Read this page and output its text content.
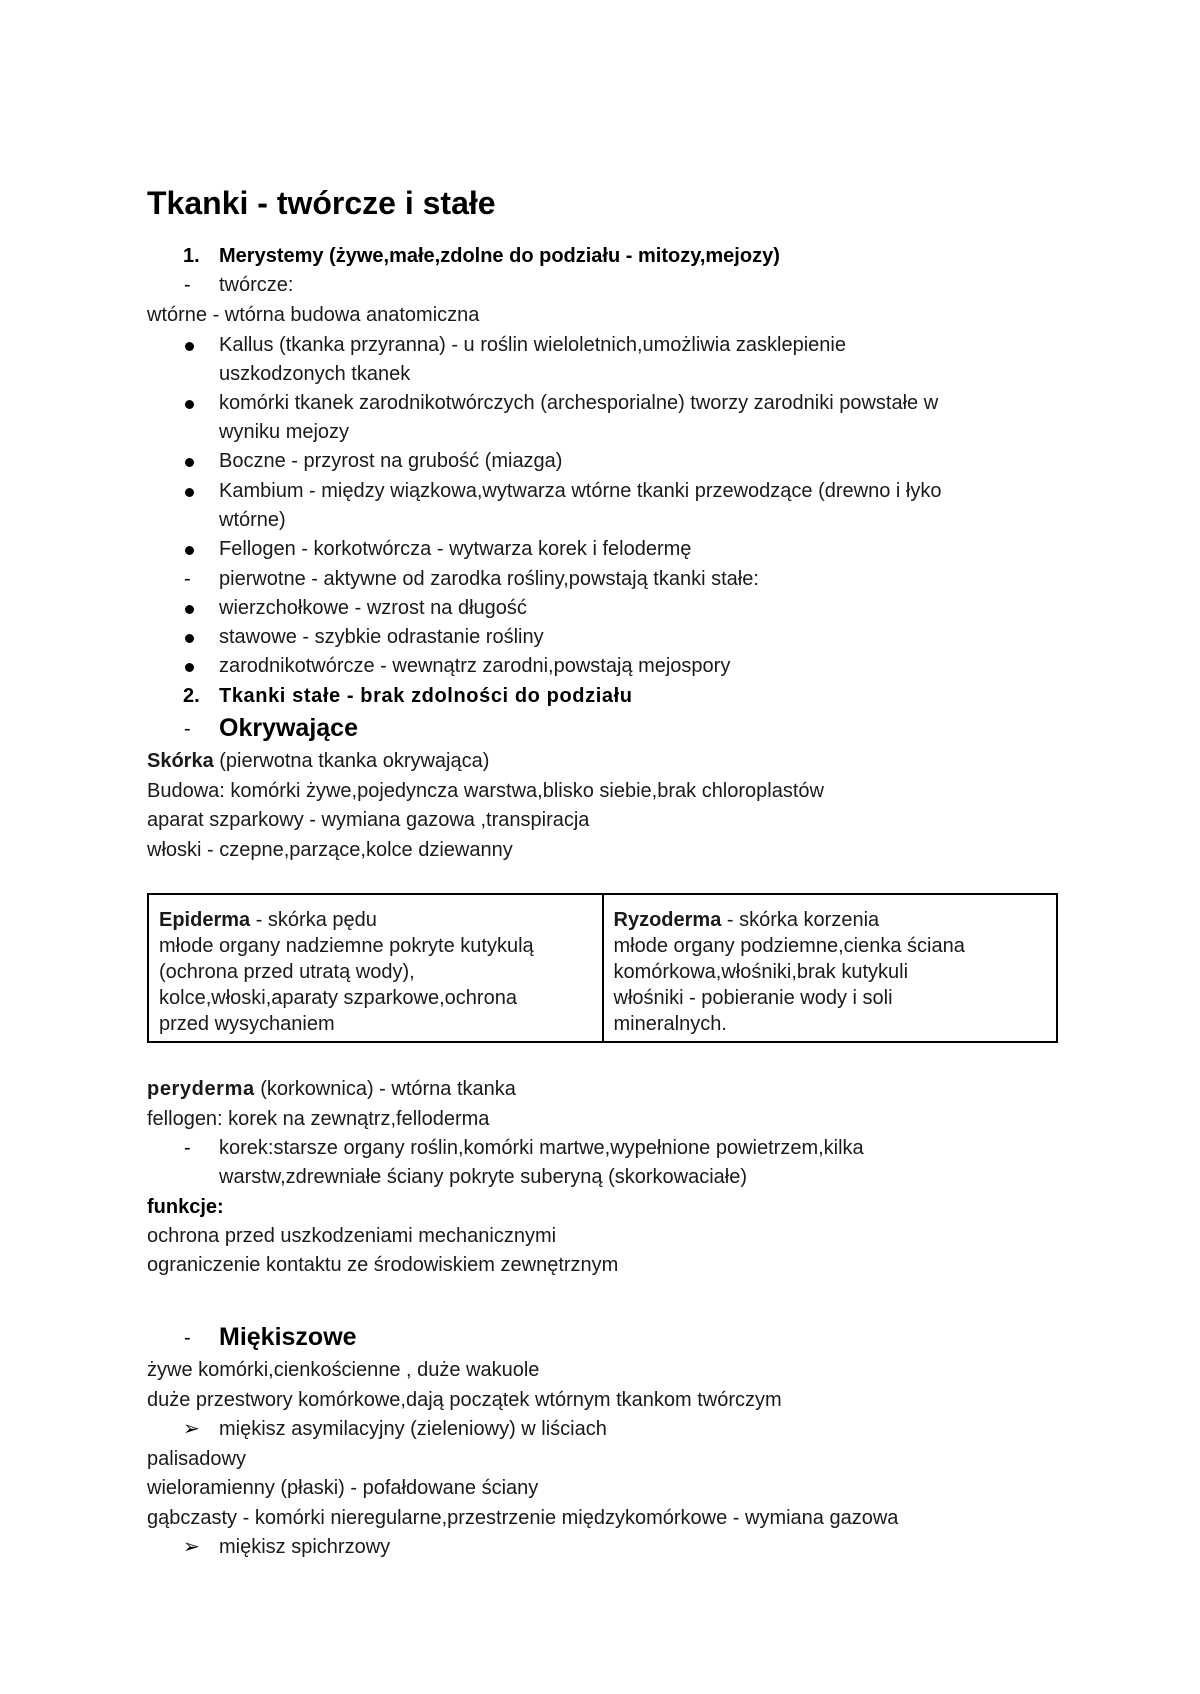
Tkanki - twórcze i stałe
1. Merystemy (żywe,małe,zdolne do podziału - mitozy,mejozy)
- twórcze:
wtórne - wtórna budowa anatomiczna
Kallus (tkanka przyranna) - u roślin wieloletnich,umożliwia zasklepienie
uszkodzonych tkanek
komórki tkanek zarodnikotwórczych (archesporialne) tworzy zarodniki powstałe w
wyniku mejozy
Boczne - przyrost na grubość (miazga)
Kambium - między wiązkowa,wytwarza wtórne tkanki przewodzące (drewno i łyko
wtórne)
Fellogen - korkotwórcza - wytwarza korek i felodermę
- pierwotne - aktywne od zarodka rośliny,powstają tkanki stałe:
wierzchołkowe - wzrost na długość
stawowe - szybkie odrastanie rośliny
zarodnikotwórcze - wewnątrz zarodni,powstają mejospory
2. Tkanki stałe - brak zdolności do podziału
- Okrywające
Skórka (pierwotna tkanka okrywająca)
Budowa: komórki żywe,pojedyncza warstwa,blisko siebie,brak chloroplastów
aparat szparkowy - wymiana gazowa ,transpiracja
włoski - czepne,parzące,kolce dziewanny
Epiderma - skórka pędu
młode organy nadziemne pokryte kutykulą
(ochrona przed utratą wody),
kolce,włoski,aparaty szparkowe,ochrona
przed wysychaniem
Ryzoderma - skórka korzenia
młode organy podziemne,cienka ściana
komórkowa,włośniki,brak kutykuli
włośniki - pobieranie wody i soli
mineralnych.
peryderma (korkownica) - wtórna tkanka
fellogen: korek na zewnątrz,felloderma
- korek:starsze organy roślin,komórki martwe,wypełnione powietrzem,kilka
warstw,zdrewniałe ściany pokryte suberyną (skorkowaciałe)
funkcje:
ochrona przed uszkodzeniami mechanicznymi
ograniczenie kontaktu ze środowiskiem zewnętrznym
- Miękiszowe
żywe komórki,cienkościenne , duże wakuole
duże przestwory komórkowe,dają początek wtórnym tkankom twórczym
➢ miękisz asymilacyjny (zieleniowy) w liściach
palisadowy
wieloramienny (płaski) - pofałdowane ściany
gąbczasty - komórki nieregularne,przestrzenie międzykomórkowe - wymiana gazowa
➢ miękisz spichrzowy
